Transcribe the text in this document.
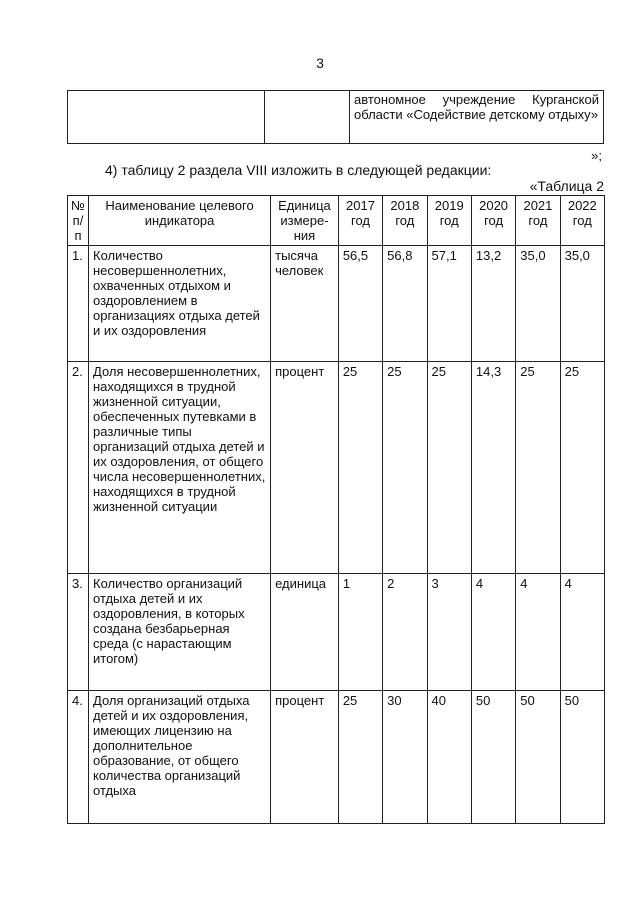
3
		автономное учреждение Курганской области «Содействие детскому отдыху»
»;
4) таблицу 2 раздела VIII изложить в следующей редакции:
«Таблица 2
№ п/п	Наименование целевого индикатора	Единица измере-ния	2017 год	2018 год	2019 год	2020 год	2021 год	2022 год
1.	Количество несовершеннолетних, охваченных отдыхом и оздоровлением в организациях отдыха детей и их оздоровления	тысяча человек	56,5	56,8	57,1	13,2	35,0	35,0
2.	Доля несовершеннолетних, находящихся в трудной жизненной ситуации, обеспеченных путевками в различные типы организаций отдыха детей и их оздоровления, от общего числа несовершеннолетних, находящихся в трудной жизненной ситуации	процент	25	25	25	14,3	25	25
3.	Количество организаций отдыха детей и их оздоровления, в которых создана безбарьерная среда (с нарастающим итогом)	единица	1	2	3	4	4	4
4.	Доля организаций отдыха детей и их оздоровления, имеющих лицензию на дополнительное образование, от общего количества организаций отдыха	процент	25	30	40	50	50	50
